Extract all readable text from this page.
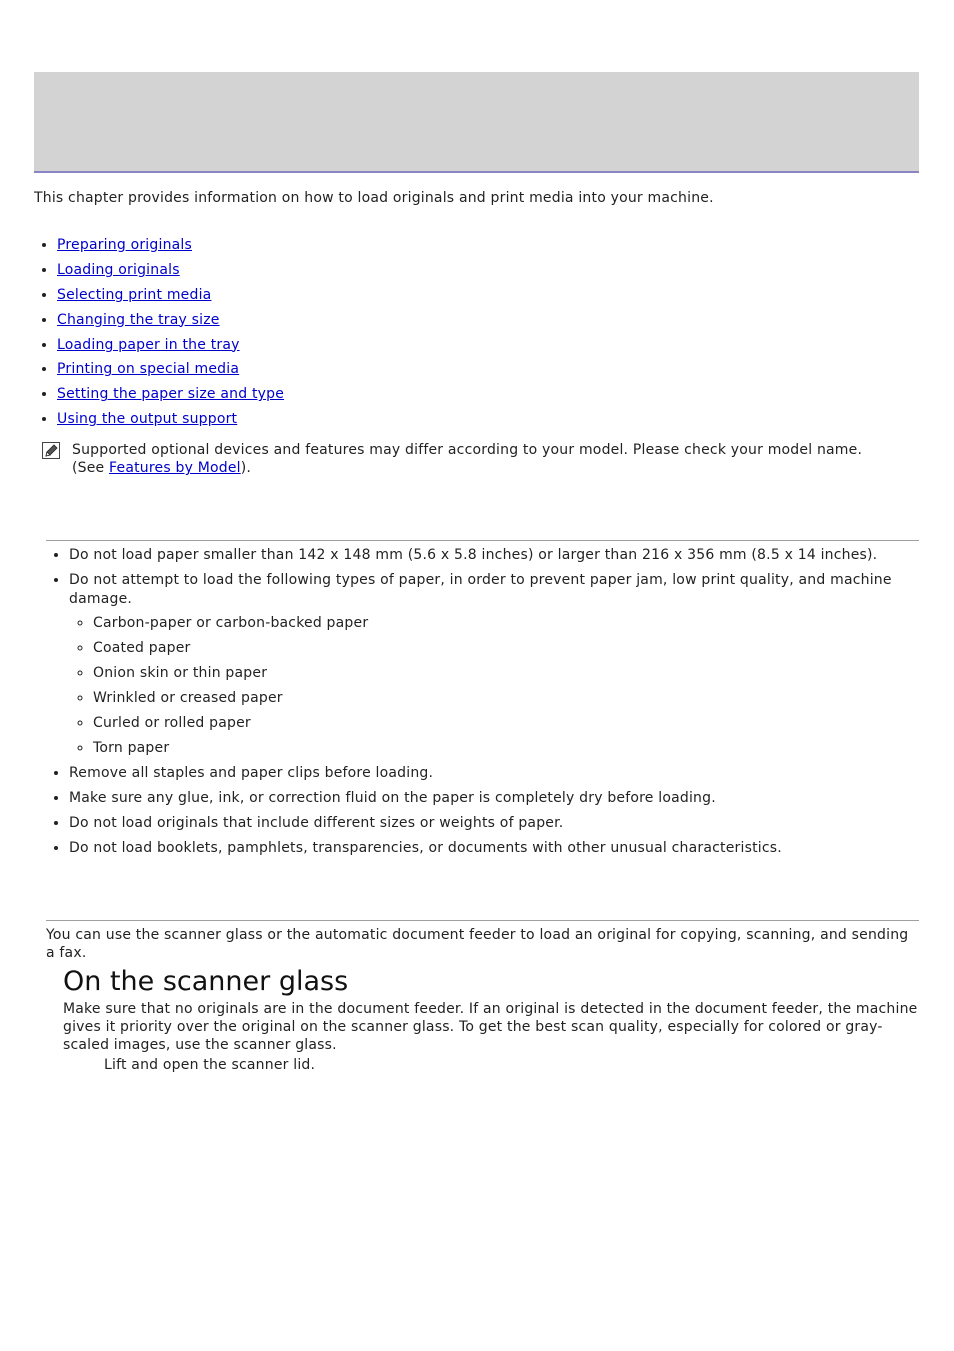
This chapter provides information on how to load originals and print media into your machine.

• Preparing originals
• Loading originals
• Selecting print media
• Changing the tray size
• Loading paper in the tray
• Printing on special media
• Setting the paper size and type
• Using the output support
Supported optional devices and features may differ according to your model. Please check your model name.
(See Features by Model).
• Do not load paper smaller than 142 x 148 mm (5.6 x 5.8 inches) or larger than 216 x 356 mm (8.5 x 14 inches).
• Do not attempt to load the following types of paper, in order to prevent paper jam, low print quality, and machine damage.
◦ Carbon-paper or carbon-backed paper
◦ Coated paper
◦ Onion skin or thin paper
◦ Wrinkled or creased paper
◦ Curled or rolled paper
◦ Torn paper
• Remove all staples and paper clips before loading.
• Make sure any glue, ink, or correction fluid on the paper is completely dry before loading.
• Do not load originals that include different sizes or weights of paper.
• Do not load booklets, pamphlets, transparencies, or documents with other unusual characteristics.

You can use the scanner glass or the automatic document feeder to load an original for copying, scanning, and sending a fax.

On the scanner glass

Make sure that no originals are in the document feeder. If an original is detected in the document feeder, the machine gives it priority over the original on the scanner glass. To get the best scan quality, especially for colored or gray-scaled images, use the scanner glass.

Lift and open the scanner lid.
